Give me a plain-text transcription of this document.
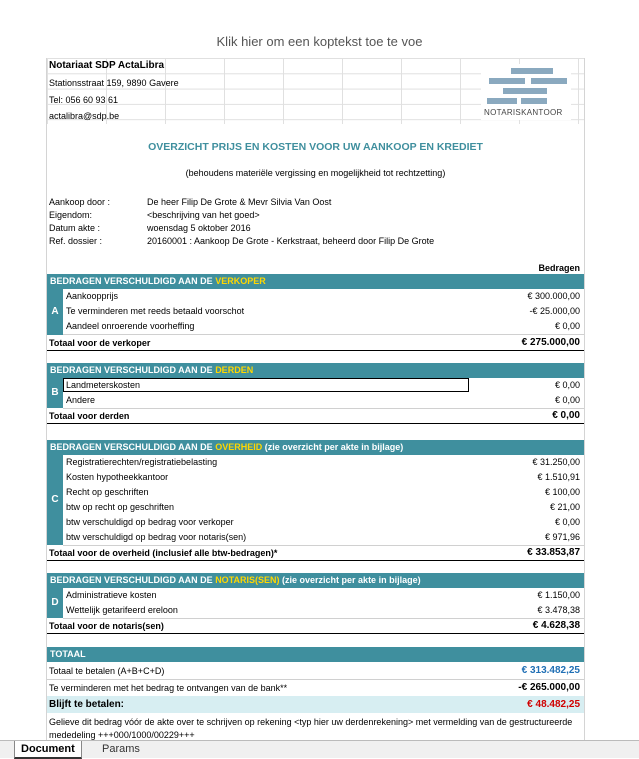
Klik hier om een koptekst toe te voe
Notariaat SDP ActaLibra
Stationsstraat 159, 9890 Gavere
Tel: 056 60 93 61
actalibra@sdp.be	NOTARISKANTOOR
OVERZICHT PRIJS EN KOSTEN VOOR UW AANKOOP EN KREDIET
(behoudens materiële vergissing en mogelijkheid tot rechtzetting)
Aankoop door :	De heer Filip De Grote & Mevr Silvia Van Oost
Eigendom:	<beschrijving van het goed>
Datum akte :	woensdag 5 oktober 2016
Ref. dossier :	20160001 : Aankoop De Grote - Kerkstraat, beheerd door Filip De Grote
Bedragen
BEDRAGEN VERSCHULDIGD AAN DE VERKOPER
A
Aankoopprijs	€ 300.000,00
Te verminderen met reeds betaald voorschot	-€ 25.000,00
Aandeel onroerende voorheffing	€ 0,00
Totaal voor de verkoper	€ 275.000,00
BEDRAGEN VERSCHULDIGD AAN DE DERDEN
B
Landmeterskosten	€ 0,00
Andere	€ 0,00
Totaal voor derden	€ 0,00
BEDRAGEN VERSCHULDIGD AAN DE OVERHEID (zie overzicht per akte in bijlage)
C
Registratierechten/registratiebelasting	€ 31.250,00
Kosten hypotheekkantoor	€ 1.510,91
Recht op geschriften	€ 100,00
btw op recht op geschriften	€ 21,00
btw verschuldigd op bedrag voor verkoper	€ 0,00
btw verschuldigd op bedrag voor notaris(sen)	€ 971,96
Totaal voor de overheid (inclusief alle btw-bedragen)*	€ 33.853,87
BEDRAGEN VERSCHULDIGD AAN DE NOTARIS(SEN) (zie overzicht per akte in bijlage)
D
Administratieve kosten	€ 1.150,00
Wettelijk getarifeerd ereloon	€ 3.478,38
Totaal voor de notaris(sen)	€ 4.628,38
TOTAAL
Totaal te betalen (A+B+C+D)	€ 313.482,25
Te verminderen met het bedrag te ontvangen van de bank**	-€ 265.000,00
Blijft te betalen:	€ 48.482,25
Gelieve dit bedrag vóór de akte over te schrijven op rekening <typ hier uw derdenrekening> met vermelding van de gestructureerde mededeling +++000/1000/00229+++
Document	Params
